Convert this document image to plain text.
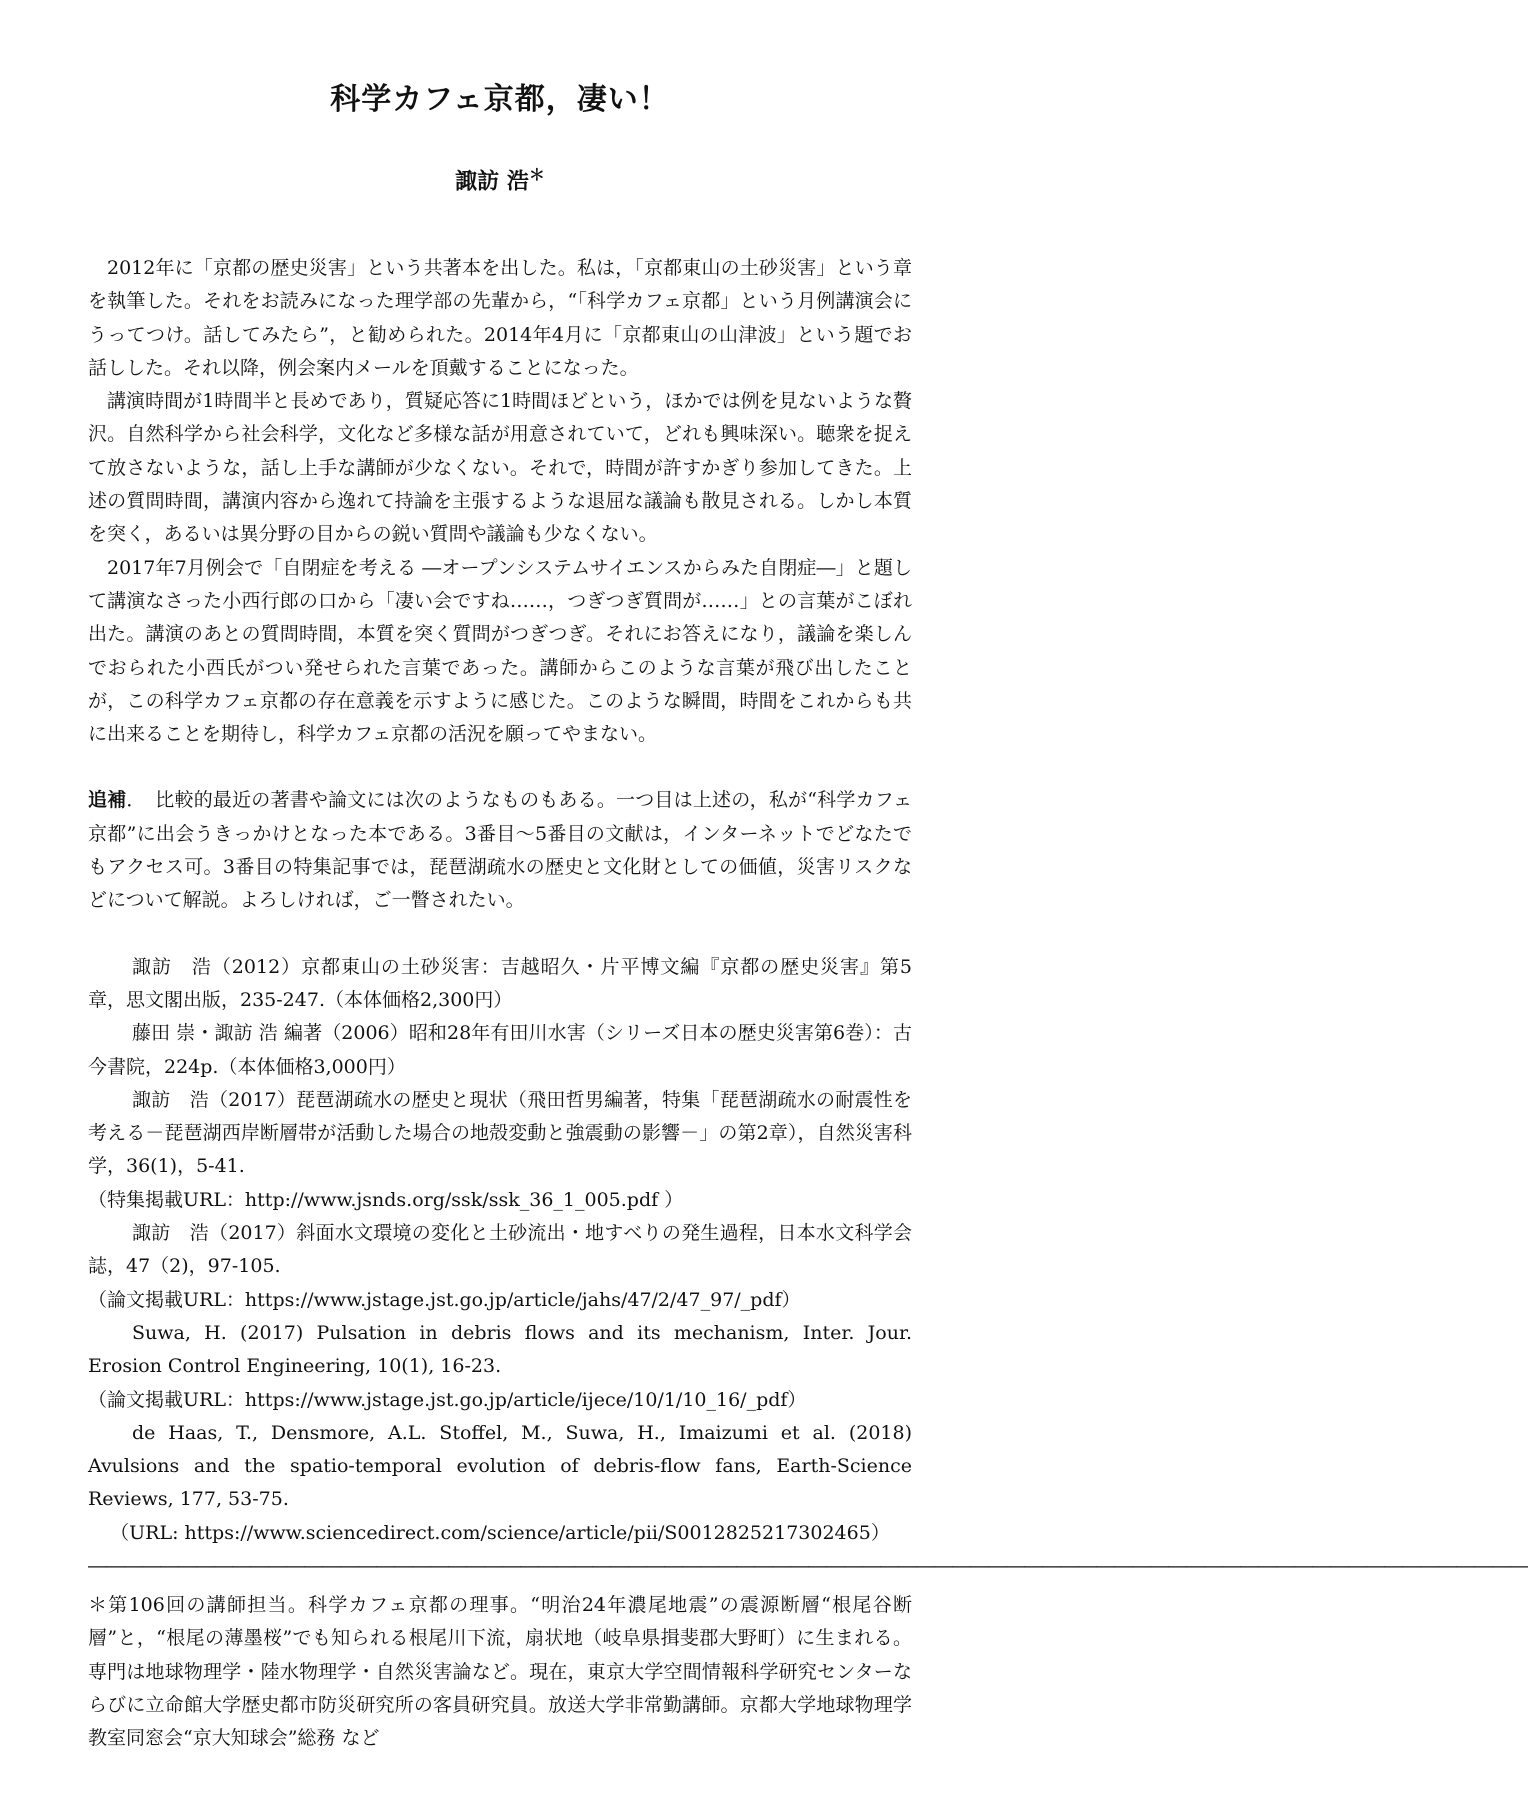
科学カフェ京都，凄い！
諏訪 浩＊

2012年に「京都の歴史災害」という共著本を出した。私は，「京都東山の土砂災害」という章を執筆した。それをお読みになった理学部の先輩から，“「科学カフェ京都」という月例講演会にうってつけ。話してみたら”，と勧められた。2014年4月に「京都東山の山津波」という題でお話しした。それ以降，例会案内メールを頂戴することになった。

講演時間が1時間半と長めであり，質疑応答に1時間ほどという，ほかでは例を見ないような贅沢。自然科学から社会科学，文化など多様な話が用意されていて，どれも興味深い。聴衆を捉えて放さないような，話し上手な講師が少なくない。それで，時間が許すかぎり参加してきた。上述の質問時間，講演内容から逸れて持論を主張するような退屈な議論も散見される。しかし本質を突く，あるいは異分野の目からの鋭い質問や議論も少なくない。

2017年7月例会で「自閉症を考える ―オープンシステムサイエンスからみた自閉症―」と題して講演なさった小西行郎の口から「凄い会ですね……，つぎつぎ質問が……」との言葉がこぼれ出た。講演のあとの質問時間，本質を突く質問がつぎつぎ。それにお答えになり，議論を楽しんでおられた小西氏がつい発せられた言葉であった。講師からこのような言葉が飛び出したことが，この科学カフェ京都の存在意義を示すように感じた。このような瞬間，時間をこれからも共に出来ることを期待し，科学カフェ京都の活況を願ってやまない。

追補．　比較的最近の著書や論文には次のようなものもある。一つ目は上述の，私が“科学カフェ京都”に出会うきっかけとなった本である。3番目～5番目の文献は，インターネットでどなたでもアクセス可。3番目の特集記事では，琵琶湖疏水の歴史と文化財としての価値，災害リスクなどについて解説。よろしければ，ご一瞥されたい。

諏訪　浩（2012）京都東山の土砂災害：吉越昭久・片平博文編『京都の歴史災害』第5章，思文閣出版，235-247.（本体価格2,300円）

藤田 崇・諏訪 浩 編著（2006）昭和28年有田川水害（シリーズ日本の歴史災害第6巻）：古今書院，224p.（本体価格3,000円）

諏訪　浩（2017）琵琶湖疏水の歴史と現状（飛田哲男編著，特集「琵琶湖疏水の耐震性を考える－琵琶湖西岸断層帯が活動した場合の地殻変動と強震動の影響－」の第2章），自然災害科学，36(1)，5-41.

（特集掲載URL：http://www.jsnds.org/ssk/ssk_36_1_005.pdf ）

諏訪　浩（2017）斜面水文環境の変化と土砂流出・地すべりの発生過程，日本水文科学会誌，47（2)，97-105.

（論文掲載URL：https://www.jstage.jst.go.jp/article/jahs/47/2/47_97/_pdf）

Suwa, H. (2017) Pulsation in debris flows and its mechanism, Inter. Jour. Erosion Control Engineering, 10(1), 16-23.

（論文掲載URL：https://www.jstage.jst.go.jp/article/ijece/10/1/10_16/_pdf）

de Haas, T., Densmore, A.L. Stoffel, M., Suwa, H., Imaizumi et al. (2018) Avulsions and the spatio-temporal evolution of debris-flow fans, Earth-Science Reviews, 177, 53-75.

（URL: https://www.sciencedirect.com/science/article/pii/S0012825217302465）

――――――――――――――――――――――――――――――――――――――――――――――――――――――――――――――――――――――――――――――――

＊第106回の講師担当。科学カフェ京都の理事。“明治24年濃尾地震”の震源断層“根尾谷断層”と，“根尾の薄墨桜”でも知られる根尾川下流，扇状地（岐阜県揖斐郡大野町）に生まれる。専門は地球物理学・陸水物理学・自然災害論など。現在，東京大学空間情報科学研究センターならびに立命館大学歴史都市防災研究所の客員研究員。放送大学非常勤講師。京都大学地球物理学教室同窓会“京大知球会”総務 など
